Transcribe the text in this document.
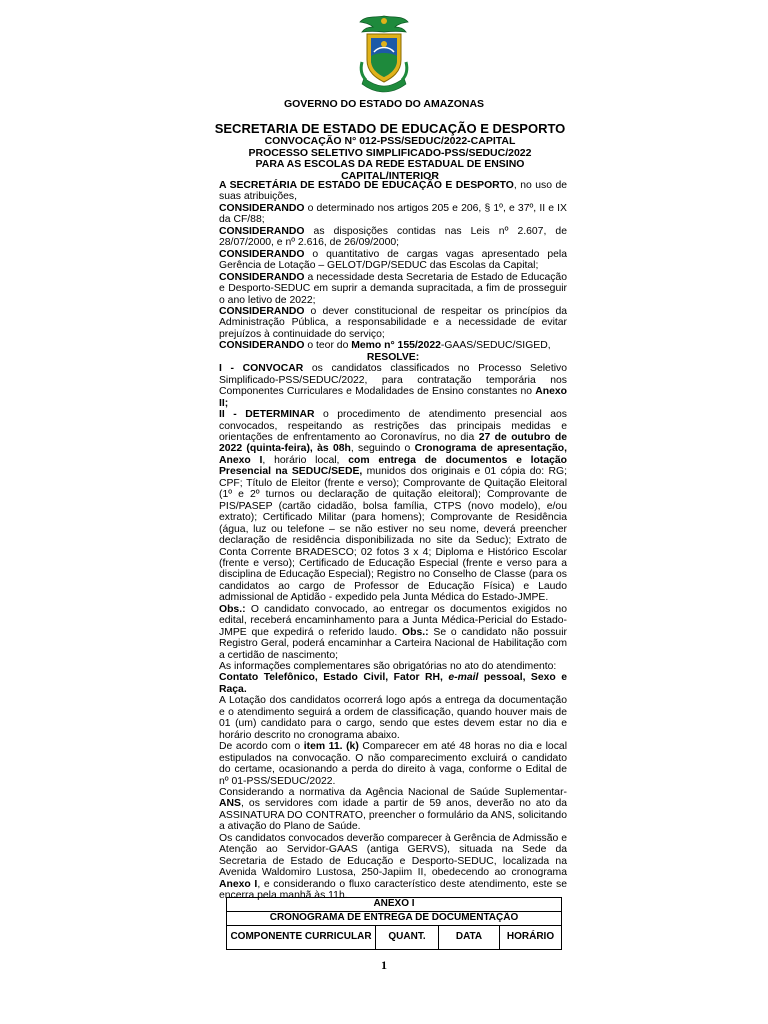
GOVERNO DO ESTADO DO AMAZONAS
SECRETARIA DE ESTADO DE EDUCAÇÃO E DESPORTO
CONVOCAÇÃO N° 012-PSS/SEDUC/2022-CAPITAL
PROCESSO SELETIVO SIMPLIFICADO-PSS/SEDUC/2022
PARA AS ESCOLAS DA REDE ESTADUAL DE ENSINO
CAPITAL/INTERIOR

A SECRETÁRIA DE ESTADO DE EDUCAÇÃO E DESPORTO, no uso de suas atribuições,

CONSIDERANDO o determinado nos artigos 205 e 206, § 1º, e 37º, II e IX da CF/88;

CONSIDERANDO as disposições contidas nas Leis nº 2.607, de 28/07/2000, e nº 2.616, de 26/09/2000;

CONSIDERANDO o quantitativo de cargas vagas apresentado pela Gerência de Lotação – GELOT/DGP/SEDUC das Escolas da Capital;

CONSIDERANDO a necessidade desta Secretaria de Estado de Educação e Desporto-SEDUC em suprir a demanda supracitada, a fim de prosseguir o ano letivo de 2022;

CONSIDERANDO o dever constitucional de respeitar os princípios da Administração Pública, a responsabilidade e a necessidade de evitar prejuízos à continuidade do serviço;

CONSIDERANDO o teor do Memo n° 155/2022-GAAS/SEDUC/SIGED,

RESOLVE:

I - CONVOCAR os candidatos classificados no Processo Seletivo Simplificado-PSS/SEDUC/2022, para contratação temporária nos Componentes Curriculares e Modalidades de Ensino constantes no Anexo II;

II - DETERMINAR o procedimento de atendimento presencial aos convocados, respeitando as restrições das principais medidas e orientações de enfrentamento ao Coronavírus, no dia 27 de outubro de 2022 (quinta-feira), às 08h, seguindo o Cronograma de apresentação, Anexo I, horário local, com entrega de documentos e lotação Presencial na SEDUC/SEDE, munidos dos originais e 01 cópia do: RG; CPF; Título de Eleitor (frente e verso); Comprovante de Quitação Eleitoral (1º e 2º turnos ou declaração de quitação eleitoral); Comprovante de PIS/PASEP (cartão cidadão, bolsa família, CTPS (novo modelo), e/ou extrato); Certificado Militar (para homens); Comprovante de Residência (água, luz ou telefone – se não estiver no seu nome, deverá preencher declaração de residência disponibilizada no site da Seduc); Extrato de Conta Corrente BRADESCO; 02 fotos 3 x 4; Diploma e Histórico Escolar (frente e verso); Certificado de Educação Especial (frente e verso para a disciplina de Educação Especial); Registro no Conselho de Classe (para os candidatos ao cargo de Professor de Educação Física) e Laudo admissional de Aptidão - expedido pela Junta Médica do Estado-JMPE.

Obs.: O candidato convocado, ao entregar os documentos exigidos no edital, receberá encaminhamento para a Junta Médica-Pericial do Estado-JMPE que expedirá o referido laudo. Obs.: Se o candidato não possuir Registro Geral, poderá encaminhar a Carteira Nacional de Habilitação com a certidão de nascimento;

As informações complementares são obrigatórias no ato do atendimento:

Contato Telefônico, Estado Civil, Fator RH, e-mail pessoal, Sexo e Raça.

A Lotação dos candidatos ocorrerá logo após a entrega da documentação e o atendimento seguirá a ordem de classificação, quando houver mais de 01 (um) candidato para o cargo, sendo que estes devem estar no dia e horário descrito no cronograma abaixo.

De acordo com o item 11. (k) Comparecer em até 48 horas no dia e local estipulados na convocação. O não comparecimento excluirá o candidato do certame, ocasionando a perda do direito à vaga, conforme o Edital de nº 01-PSS/SEDUC/2022.

Considerando a normativa da Agência Nacional de Saúde Suplementar-ANS, os servidores com idade a partir de 59 anos, deverão no ato da ASSINATURA DO CONTRATO, preencher o formulário da ANS, solicitando a ativação do Plano de Saúde.

Os candidatos convocados deverão comparecer à Gerência de Admissão e Atenção ao Servidor-GAAS (antiga GERVS), situada na Sede da Secretaria de Estado de Educação e Desporto-SEDUC, localizada na Avenida Waldomiro Lustosa, 250-Japiim II, obedecendo ao cronograma Anexo I, e considerando o fluxo característico deste atendimento, este se encerra pela manhã às 11h.

ANEXO I
CRONOGRAMA DE ENTREGA DE DOCUMENTAÇÃO
COMPONENTE CURRICULAR	QUANT.	DATA	HORÁRIO
1
